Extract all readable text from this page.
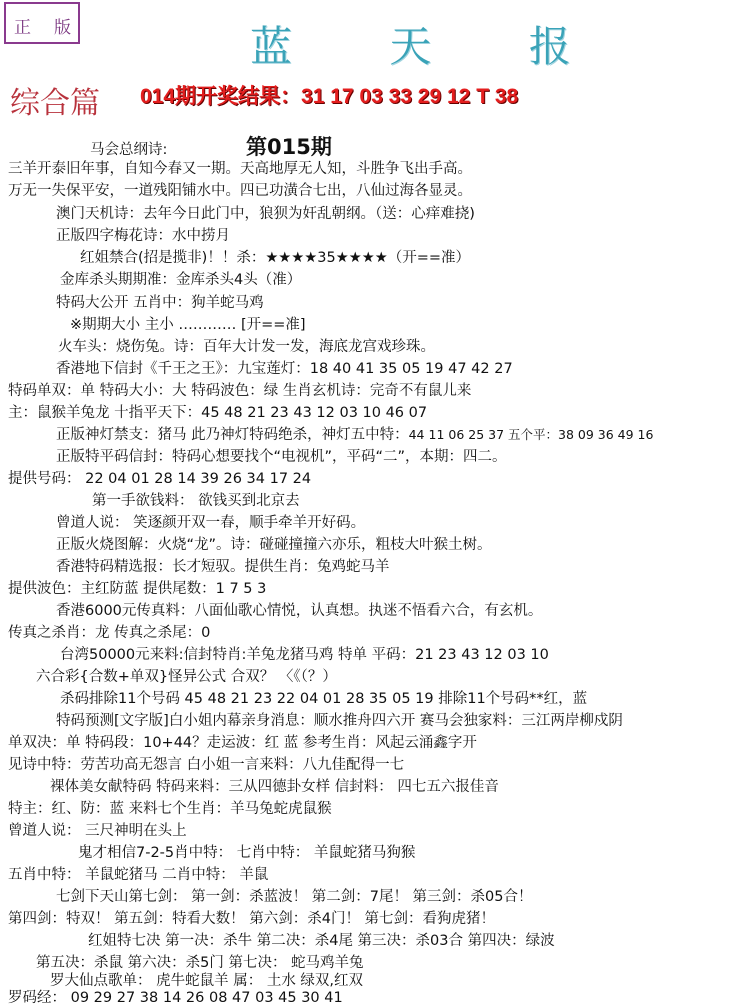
正 版	蓝 天 报
综合篇 014期开奖结果：31 17 03 33 29 12 T 38
第015期
马会总纲诗:
三羊开泰旧年事，自知今春又一期。天高地厚无人知，斗胜争飞出手高。
万无一失保平安，一道残阳铺水中。四已功潢合七出，八仙过海各显灵。
澳门天机诗：去年今日此门中，狼狈为奸乱朝纲。（送：心痒难挠)
正版四字梅花诗：水中捞月
红姐禁合(招是揽非)！！杀：★★★★35★★★★（开==准）
金库杀头期期准：金库杀头4头（准）
特码大公开 五肖中：狗羊蛇马鸡
※期期大小 主小 ………… [开==准]
火车头：烧伤兔。诗：百年大计发一发，海底龙宫戏珍珠。
香港地下信封《千王之王》：九宝莲灯：18 40 41 35 05 19 47 42 27
特码单双：单 特码大小：大 特码波色：绿 生肖玄机诗：完奇不有鼠儿来
主：鼠猴羊兔龙 十指平天下：45 48 21 23 43 12 03 10 46 07
正版神灯禁支：猪马 此乃神灯特码绝杀，神灯五中特：44 11 06 25 37 五个平：38 09 36 49 16
正版特平码信封：特码心想要找个“电视机”，平码“二”，本期：四二。
提供号码： 22 04 01 28 14 39 26 34 17 24
第一手欲钱料： 欲钱买到北京去
曾道人说： 笑逐颜开双一春，顺手牵羊开好码。
正版火烧图解：火烧“龙”。诗：碰碰撞撞六亦乐，粗枝大叶猴土树。
香港特码精选报：长才短驭。提供生肖：兔鸡蛇马羊
提供波色：主红防蓝 提供尾数：1 7 5 3
香港6000元传真料：八面仙歌心情悦，认真想。执迷不悟看六合，有玄机。
传真之杀肖：龙 传真之杀尾：0
台湾50000元来料:信封特肖:羊兔龙猪马鸡 特单 平码：21 23 43 12 03 10
六合彩{合数+单双}怪异公式 合双？ 〈《（？）
杀码排除11个号码 45 48 21 23 22 04 01 28 35 05 19 排除11个号码**红，蓝
特码预测[文字版]白小姐内幕亲身消息：顺水推舟四六开 赛马会独家料：三江两岸柳戍阴
单双决：单 特码段：10+44？走运波：红 蓝 参考生肖：风起云涌鑫字开
见诗中特：劳苦功高无怨言 白小姐一言来料：八九佳配得一七
裸体美女献特码 特码来料：三从四德卦女样 信封料： 四七五六报佳音
特主：红、防：蓝 来料七个生肖：羊马兔蛇虎鼠猴
曾道人说： 三尺神明在头上
鬼才相信7-2-5肖中特： 七肖中特： 羊鼠蛇猪马狗猴
五肖中特： 羊鼠蛇猪马 二肖中特： 羊鼠
七剑下天山第七剑： 第一剑：杀蓝波！ 第二剑：7尾！ 第三剑：杀05合！
第四剑：特双！ 第五剑：特看大数！ 第六剑：杀4门！ 第七剑：看狗虎猪！
红姐特七决 第一决：杀牛 第二决：杀4尾 第三决：杀03合 第四决：绿波
第五决：杀鼠 第六决：杀5门 第七决： 蛇马鸡羊兔
罗大仙点歌单： 虎牛蛇鼠羊 属： 土水 绿双,红双
罗码经： 09 29 27 38 14 26 08 47 03 45 30 41
